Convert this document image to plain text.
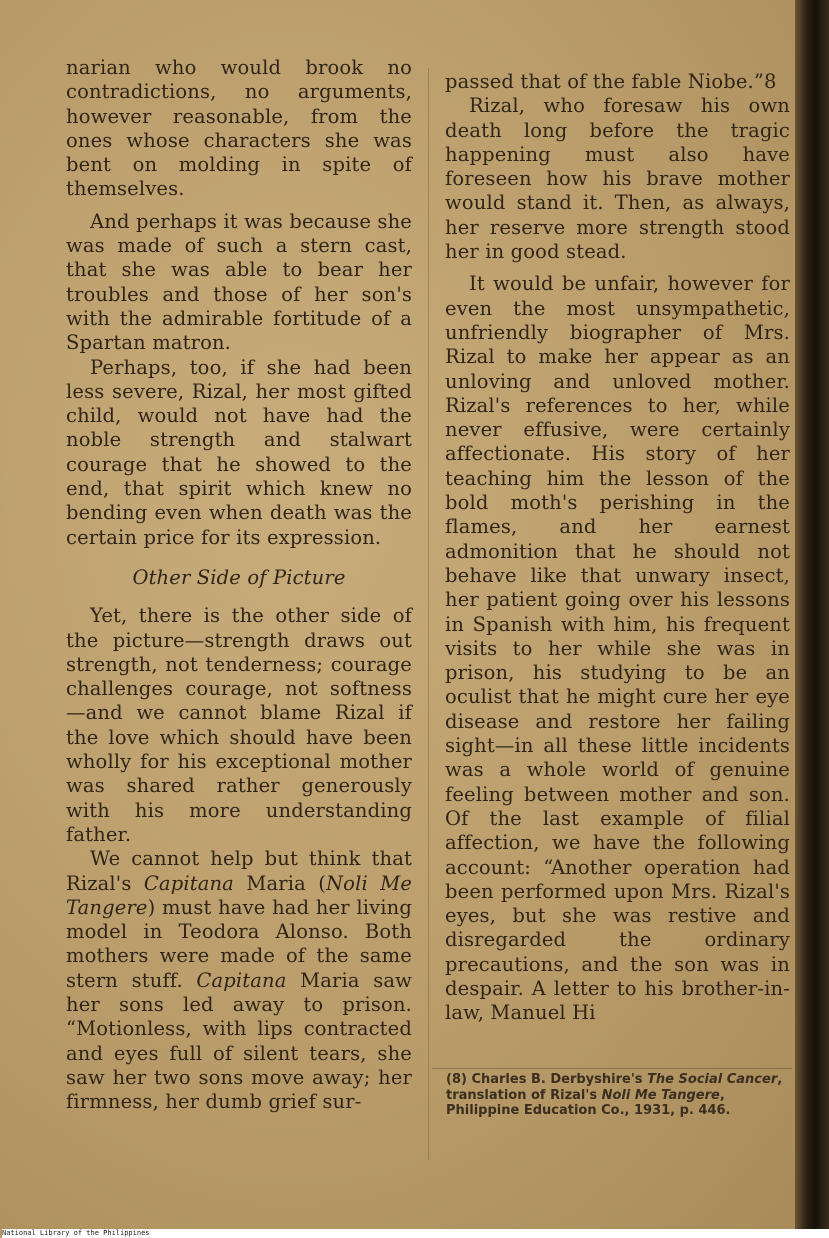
narian who would brook no contradictions, no arguments, however reasonable, from the ones whose characters she was bent on molding in spite of themselves.

And perhaps it was because she was made of such a stern cast, that she was able to bear her troubles and those of her son's with the admirable fortitude of a Spartan matron.

Perhaps, too, if she had been less severe, Rizal, her most gifted child, would not have had the noble strength and stalwart courage that he showed to the end, that spirit which knew no bending even when death was the certain price for its expression.

Other Side of Picture

Yet, there is the other side of the picture—strength draws out strength, not tenderness; courage challenges courage, not softness—and we cannot blame Rizal if the love which should have been wholly for his exceptional mother was shared rather generously with his more understanding father.

We cannot help but think that Rizal's Capitana Maria (Noli Me Tangere) must have had her living model in Teodora Alonso. Both mothers were made of the same stern stuff. Capitana Maria saw her sons led away to prison. “Motionless, with lips contracted and eyes full of silent tears, she saw her two sons move away; her firmness, her dumb grief sur-

passed that of the fable Niobe.”8

Rizal, who foresaw his own death long before the tragic happening must also have foreseen how his brave mother would stand it. Then, as always, her reserve more strength stood her in good stead.

It would be unfair, however for even the most unsympathetic, unfriendly biographer of Mrs. Rizal to make her appear as an unloving and unloved mother. Rizal's references to her, while never effusive, were certainly affectionate. His story of her teaching him the lesson of the bold moth's perishing in the flames, and her earnest admonition that he should not behave like that unwary insect, her patient going over his lessons in Spanish with him, his frequent visits to her while she was in prison, his studying to be an oculist that he might cure her eye disease and restore her failing sight—in all these little incidents was a whole world of genuine feeling between mother and son. Of the last example of filial affection, we have the following account: “Another operation had been performed upon Mrs. Rizal's eyes, but she was restive and disregarded the ordinary precautions, and the son was in despair. A letter to his brother-in-law, Manuel Hi

(8) Charles B. Derbyshire's The Social Cancer, translation of Rizal's Noli Me Tangere, Philippine Education Co., 1931, p. 446.
National Library of the Philippines
